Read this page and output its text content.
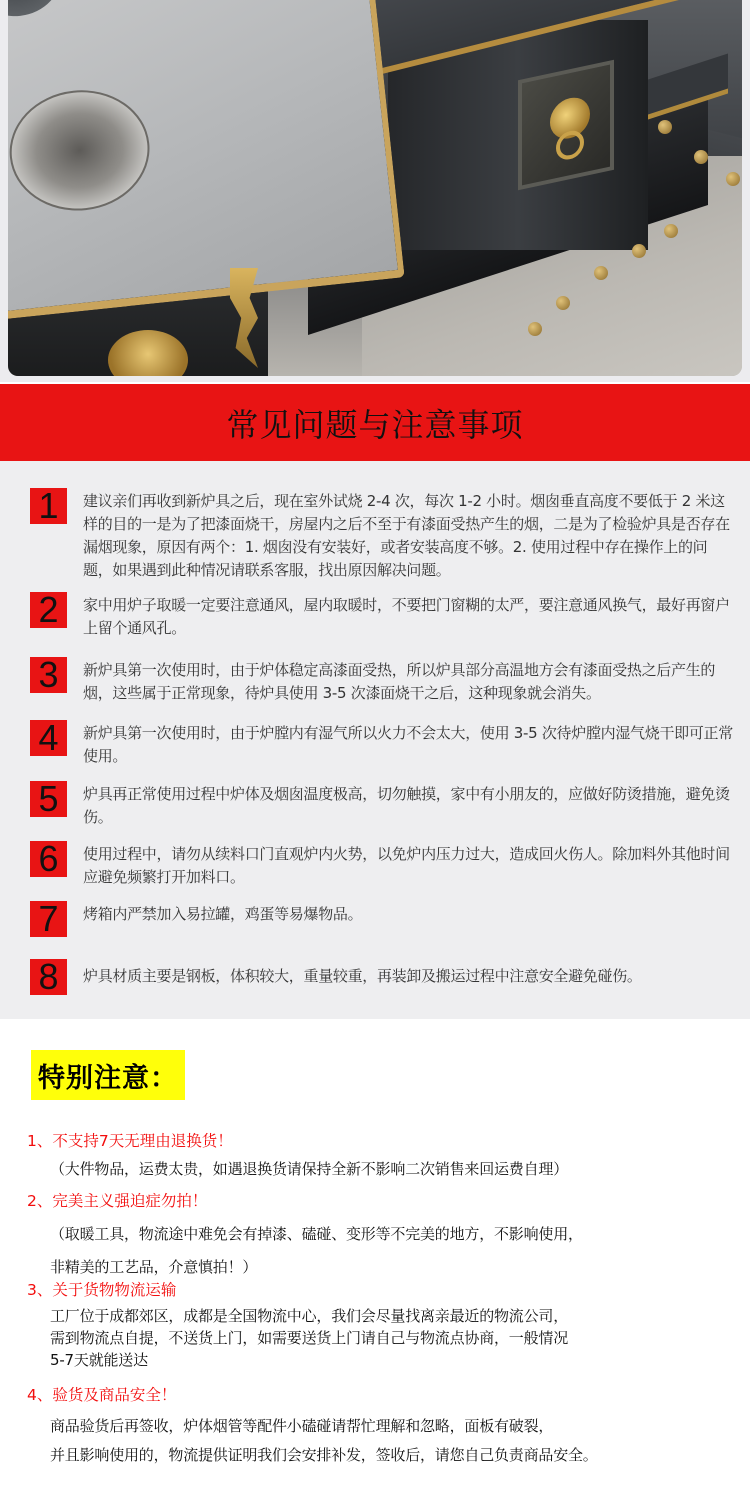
常见问题与注意事项
1	建议亲们再收到新炉具之后，现在室外试烧 2-4 次，每次 1-2 小时。烟囱垂直高度不要低于 2 米这样的目的一是为了把漆面烧干，房屋内之后不至于有漆面受热产生的烟，二是为了检验炉具是否存在漏烟现象，原因有两个：1. 烟囱没有安装好，或者安装高度不够。2. 使用过程中存在操作上的问题，如果遇到此种情况请联系客服，找出原因解决问题。
2	家中用炉子取暖一定要注意通风，屋内取暖时，不要把门窗糊的太严，要注意通风换气，最好再窗户上留个通风孔。
3	新炉具第一次使用时，由于炉体稳定高漆面受热，所以炉具部分高温地方会有漆面受热之后产生的烟，这些属于正常现象，待炉具使用 3-5 次漆面烧干之后，这种现象就会消失。
4	新炉具第一次使用时，由于炉膛内有湿气所以火力不会太大，使用 3-5 次待炉膛内湿气烧干即可正常使用。
5	炉具再正常使用过程中炉体及烟囱温度极高，切勿触摸，家中有小朋友的，应做好防烫措施，避免烫伤。
6	使用过程中，请勿从续料口门直观炉内火势，以免炉内压力过大，造成回火伤人。除加料外其他时间应避免频繁打开加料口。
7	烤箱内严禁加入易拉罐，鸡蛋等易爆物品。
8	炉具材质主要是钢板，体积较大，重量较重，再装卸及搬运过程中注意安全避免碰伤。
特别注意：
1、不支持7天无理由退换货！
（大件物品，运费太贵，如遇退换货请保持全新不影响二次销售来回运费自理）
2、完美主义强迫症勿拍！
（取暖工具，物流途中难免会有掉漆、磕碰、变形等不完美的地方，不影响使用，
非精美的工艺品，介意慎拍！）
3、关于货物物流运输
工厂位于成都郊区，成都是全国物流中心，我们会尽量找离亲最近的物流公司，
需到物流点自提，不送货上门，如需要送货上门请自己与物流点协商，一般情况
5-7天就能送达
4、验货及商品安全！
商品验货后再签收，炉体烟管等配件小磕碰请帮忙理解和忽略，面板有破裂，
并且影响使用的，物流提供证明我们会安排补发，签收后，请您自己负责商品安全。
